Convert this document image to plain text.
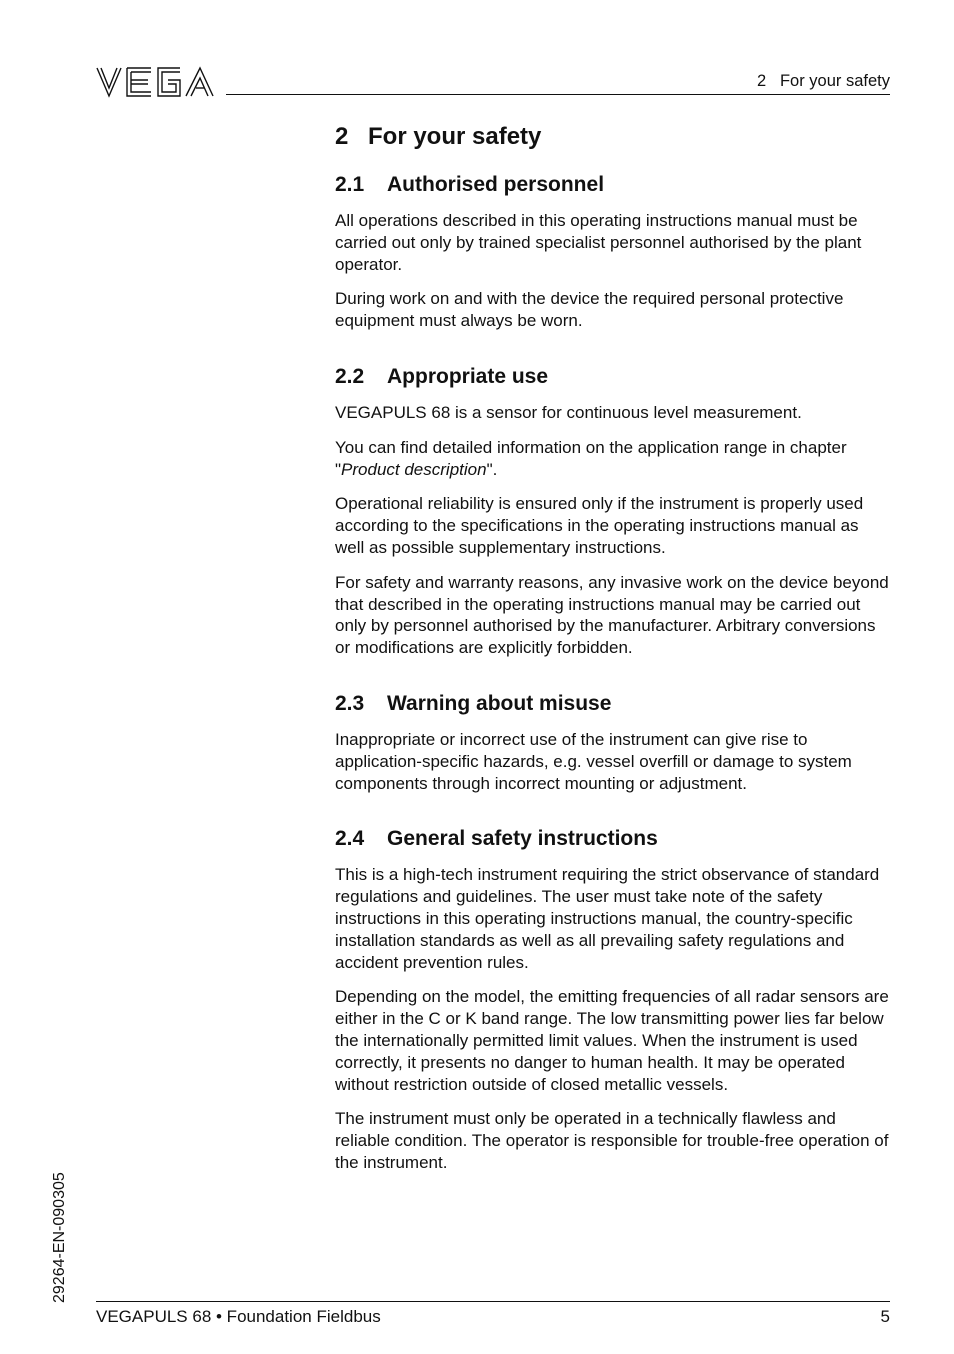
2   For your safety
2 For your safety
2.1 Authorised personnel

All operations described in this operating instructions manual must be carried out only by trained specialist personnel authorised by the plant operator.

During work on and with the device the required personal protective equipment must always be worn.

2.2 Appropriate use

VEGAPULS 68 is a sensor for continuous level measurement.

You can find detailed information on the application range in chapter "Product description".

Operational reliability is ensured only if the instrument is properly used according to the specifications in the operating instructions manual as well as possible supplementary instructions.

For safety and warranty reasons, any invasive work on the device beyond that described in the operating instructions manual may be carried out only by personnel authorised by the manufacturer. Arbitrary conversions or modifications are explicitly forbidden.

2.3 Warning about misuse

Inappropriate or incorrect use of the instrument can give rise to application-specific hazards, e.g. vessel overfill or damage to system components through incorrect mounting or adjustment.

2.4 General safety instructions

This is a high-tech instrument requiring the strict observance of standard regulations and guidelines. The user must take note of the safety instructions in this operating instructions manual, the country-specific installation standards as well as all prevailing safety regulations and accident prevention rules.

Depending on the model, the emitting frequencies of all radar sensors are either in the C or K band range. The low transmitting power lies far below the internationally permitted limit values. When the instrument is used correctly, it presents no danger to human health. It may be operated without restriction outside of closed metallic vessels.

The instrument must only be operated in a technically flawless and reliable condition. The operator is responsible for trouble-free operation of the instrument.

29264-EN-090305
VEGAPULS 68 • Foundation Fieldbus	5
